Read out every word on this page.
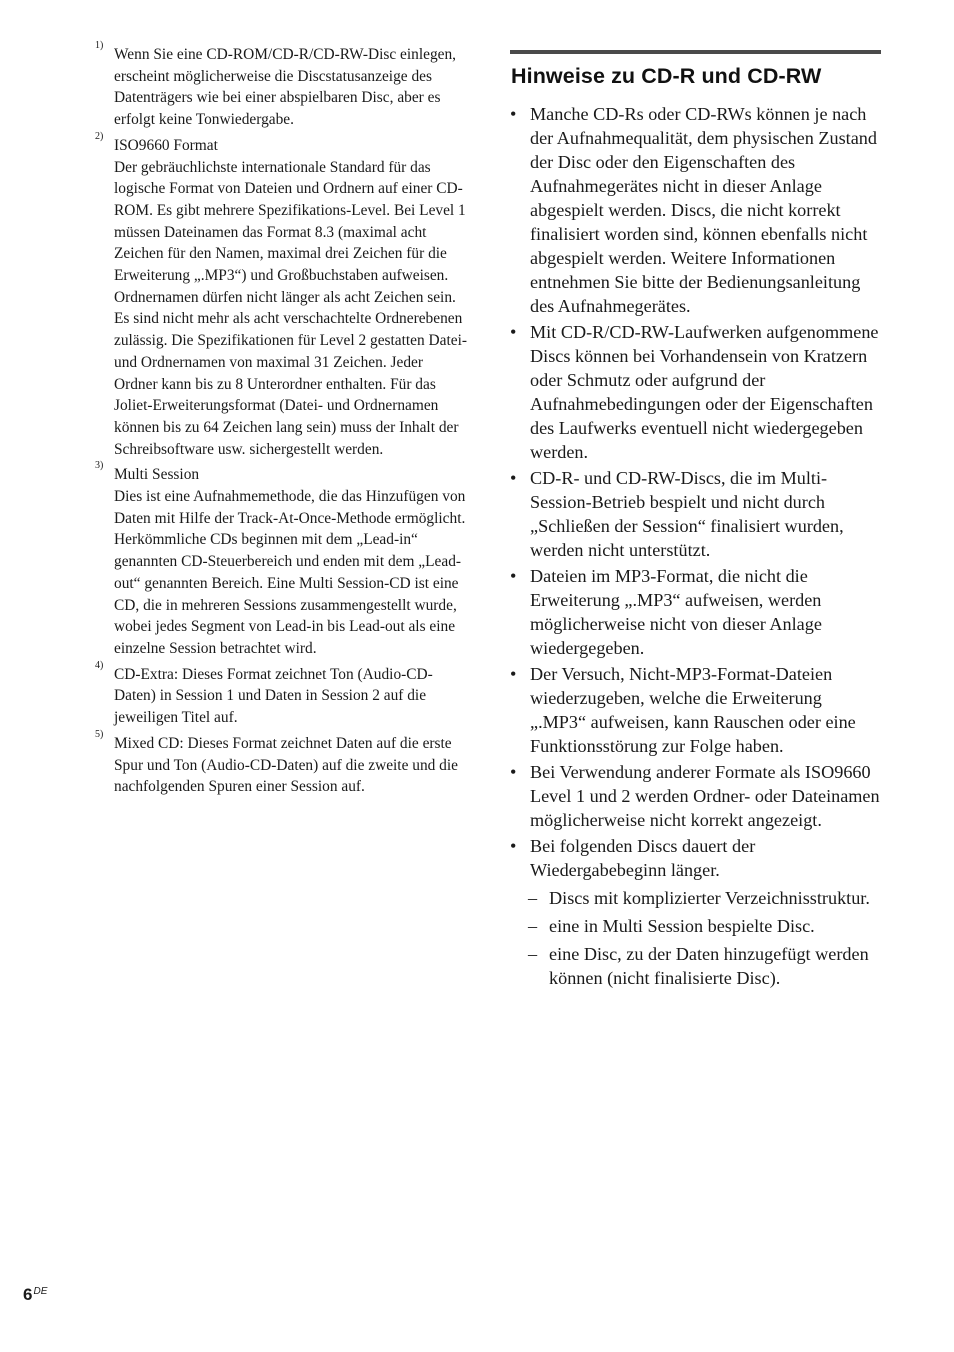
1)
Wenn Sie eine CD-ROM/CD-R/CD-RW-Disc einlegen, erscheint möglicherweise die Discstatusanzeige des Datenträgers wie bei einer abspielbaren Disc, aber es erfolgt keine Tonwiedergabe.
2)
ISO9660 Format
Der gebräuchlichste internationale Standard für das logische Format von Dateien und Ordnern auf einer CD-ROM. Es gibt mehrere Spezifikations-Level. Bei Level 1 müssen Dateinamen das Format 8.3 (maximal acht Zeichen für den Namen, maximal drei Zeichen für die Erweiterung „.MP3“) und Großbuchstaben aufweisen. Ordnernamen dürfen nicht länger als acht Zeichen sein. Es sind nicht mehr als acht verschachtelte Ordnerebenen zulässig. Die Spezifikationen für Level 2 gestatten Datei- und Ordnernamen von maximal 31 Zeichen. Jeder Ordner kann bis zu 8 Unterordner enthalten. Für das Joliet-Erweiterungsformat (Datei- und Ordnernamen können bis zu 64 Zeichen lang sein) muss der Inhalt der Schreibsoftware usw. sichergestellt werden.
3)
Multi Session
Dies ist eine Aufnahmemethode, die das Hinzufügen von Daten mit Hilfe der Track-At-Once-Methode ermöglicht.
Herkömmliche CDs beginnen mit dem „Lead-in“ genannten CD-Steuerbereich und enden mit dem „Lead-out“ genannten Bereich. Eine Multi Session-CD ist eine CD, die in mehreren Sessions zusammengestellt wurde, wobei jedes Segment von Lead-in bis Lead-out als eine einzelne Session betrachtet wird.
4)
CD-Extra: Dieses Format zeichnet Ton (Audio-CD-Daten) in Session 1 und Daten in Session 2 auf die jeweiligen Titel auf.
5)
Mixed CD: Dieses Format zeichnet Daten auf die erste Spur und Ton (Audio-CD-Daten) auf die zweite und die nachfolgenden Spuren einer Session auf.
Hinweise zu CD-R und CD-RW
• Manche CD-Rs oder CD-RWs können je nach der Aufnahmequalität, dem physischen Zustand der Disc oder den Eigenschaften des Aufnahmegerätes nicht in dieser Anlage abgespielt werden. Discs, die nicht korrekt finalisiert worden sind, können ebenfalls nicht abgespielt werden. Weitere Informationen entnehmen Sie bitte der Bedienungsanleitung des Aufnahmegerätes.
• Mit CD-R/CD-RW-Laufwerken aufgenommene Discs können bei Vorhandensein von Kratzern oder Schmutz oder aufgrund der Aufnahmebedingungen oder der Eigenschaften des Laufwerks eventuell nicht wiedergegeben werden.
• CD-R- und CD-RW-Discs, die im Multi-Session-Betrieb bespielt und nicht durch „Schließen der Session“ finalisiert wurden, werden nicht unterstützt.
• Dateien im MP3-Format, die nicht die Erweiterung „.MP3“ aufweisen, werden möglicherweise nicht von dieser Anlage wiedergegeben.
• Der Versuch, Nicht-MP3-Format-Dateien wiederzugeben, welche die Erweiterung „.MP3“ aufweisen, kann Rauschen oder eine Funktionsstörung zur Folge haben.
• Bei Verwendung anderer Formate als ISO9660 Level 1 und 2 werden Ordner- oder Dateinamen möglicherweise nicht korrekt angezeigt.
• Bei folgenden Discs dauert der Wiedergabebeginn länger.
– Discs mit komplizierter Verzeichnisstruktur.
– eine in Multi Session bespielte Disc.
– eine Disc, zu der Daten hinzugefügt werden können (nicht finalisierte Disc).
6DE
